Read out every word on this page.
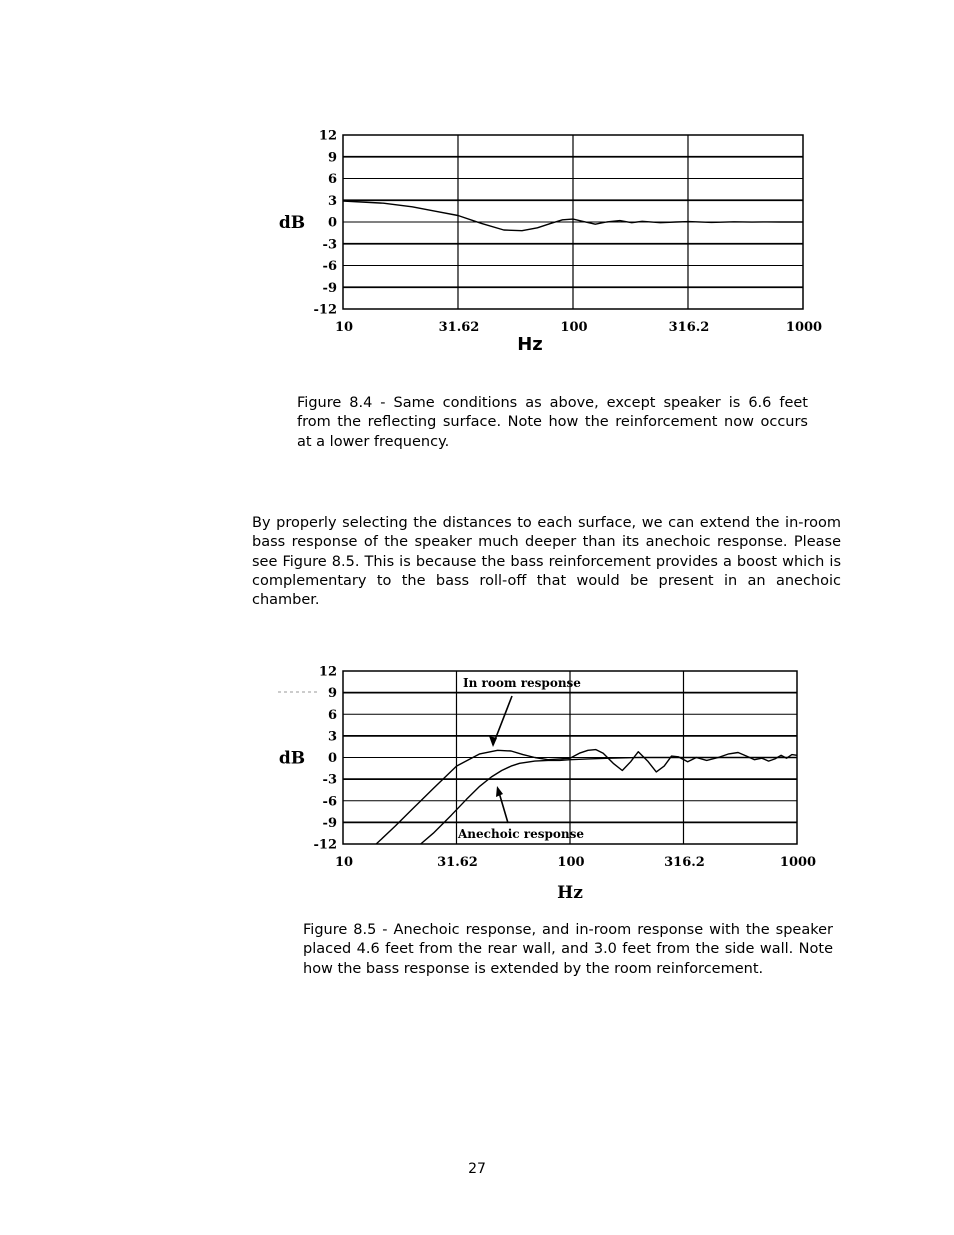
12
9
6
3
0
-3
-6
-9
-12
10	31.62	100	316.2	1000
dB
Hz

Figure 8.4 - Same conditions as above, except speaker is 6.6 feet from the reflecting surface. Note how the reinforcement now occurs at a lower frequency.

By properly selecting the distances to each surface, we can extend the in-room bass response of the speaker much deeper than its anechoic response. Please see Figure 8.5. This is because the bass reinforcement provides a boost which is complementary to the bass roll-off that would be present in an anechoic chamber.

12
9
6
3
0
-3
-6
-9
-12
10	31.62	100	316.2	1000
dB
Hz
In room response
Anechoic response

Figure 8.5 - Anechoic response, and in-room response with the speaker placed 4.6 feet from the rear wall, and 3.0 feet from the side wall. Note how the bass response is extended by the room reinforcement.

27
